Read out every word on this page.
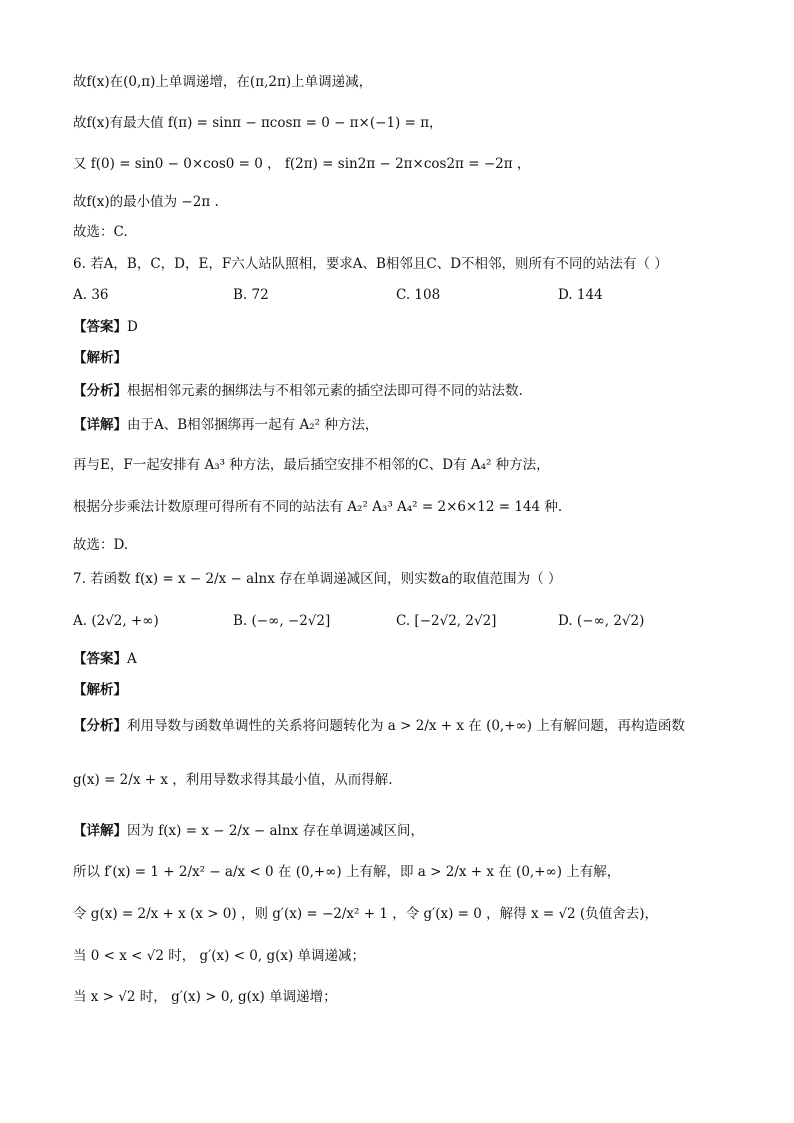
故f(x)在(0,π)上单调递增，在(π,2π)上单调递减，
故f(x)有最大值 f(π) = sinπ − πcosπ = 0 − π×(−1) = π，
又 f(0) = sin0 − 0×cos0 = 0 ， f(2π) = sin2π − 2π×cos2π = −2π ，
故f(x)的最小值为 −2π .
故选：C.
6. 若A，B，C，D，E，F六人站队照相，要求A、B相邻且C、D不相邻，则所有不同的站法有（ ）
A. 36	B. 72	C. 108	D. 144
【答案】D
【解析】
【分析】根据相邻元素的捆绑法与不相邻元素的插空法即可得不同的站法数.
【详解】由于A、B相邻捆绑再一起有 A₂² 种方法，
再与E，F一起安排有 A₃³ 种方法，最后插空安排不相邻的C、D有 A₄² 种方法，
根据分步乘法计数原理可得所有不同的站法有 A₂² A₃³ A₄² = 2×6×12 = 144 种.
故选：D.
7. 若函数 f(x) = x − 2/x − alnx 存在单调递减区间，则实数a的取值范围为（ ）
A. (2√2, +∞)	B. (−∞, −2√2]	C. [−2√2, 2√2]	D. (−∞, 2√2)
【答案】A
【解析】
【分析】利用导数与函数单调性的关系将问题转化为 a > 2/x + x 在 (0,+∞) 上有解问题，再构造函数
g(x) = 2/x + x ，利用导数求得其最小值，从而得解.
【详解】因为 f(x) = x − 2/x − alnx 存在单调递减区间，
所以 f′(x) = 1 + 2/x² − a/x < 0 在 (0,+∞) 上有解，即 a > 2/x + x 在 (0,+∞) 上有解，
令 g(x) = 2/x + x (x > 0) ，则 g′(x) = −2/x² + 1 ，令 g′(x) = 0 ，解得 x = √2 (负值舍去)，
当 0 < x < √2 时， g′(x) < 0, g(x) 单调递减；
当 x > √2 时， g′(x) > 0, g(x) 单调递增；
